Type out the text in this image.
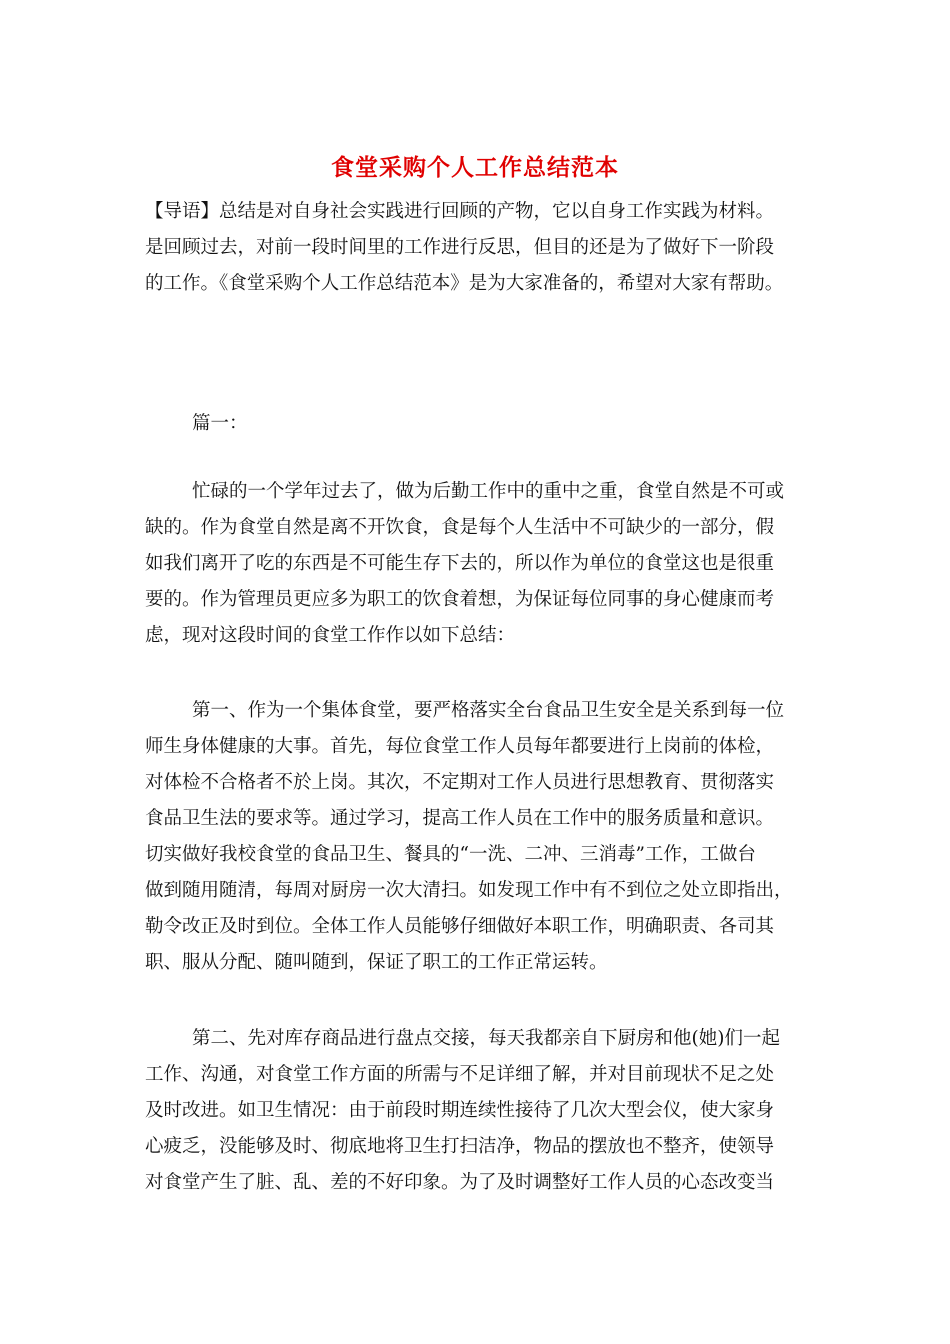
食堂采购个人工作总结范本
【导语】总结是对自身社会实践进行回顾的产物，它以自身工作实践为材料。
是回顾过去，对前一段时间里的工作进行反思，但目的还是为了做好下一阶段
的工作。《食堂采购个人工作总结范本》是为大家准备的，希望对大家有帮助。
篇一：
忙碌的一个学年过去了，做为后勤工作中的重中之重，食堂自然是不可或
缺的。作为食堂自然是离不开饮食，食是每个人生活中不可缺少的一部分，假
如我们离开了吃的东西是不可能生存下去的，所以作为单位的食堂这也是很重
要的。作为管理员更应多为职工的饮食着想，为保证每位同事的身心健康而考
虑，现对这段时间的食堂工作作以如下总结：
第一、作为一个集体食堂，要严格落实全台食品卫生安全是关系到每一位
师生身体健康的大事。首先，每位食堂工作人员每年都要进行上岗前的体检，
对体检不合格者不於上岗。其次，不定期对工作人员进行思想教育、贯彻落实
食品卫生法的要求等。通过学习，提高工作人员在工作中的服务质量和意识。
切实做好我校食堂的食品卫生、餐具的“一洗、二冲、三消毒”工作，工做台
做到随用随清，每周对厨房一次大清扫。如发现工作中有不到位之处立即指出，
勒令改正及时到位。全体工作人员能够仔细做好本职工作，明确职责、各司其
职、服从分配、随叫随到，保证了职工的工作正常运转。
第二、先对库存商品进行盘点交接，每天我都亲自下厨房和他(她)们一起
工作、沟通，对食堂工作方面的所需与不足详细了解，并对目前现状不足之处
及时改进。如卫生情况：由于前段时期连续性接待了几次大型会仪，使大家身
心疲乏，没能够及时、彻底地将卫生打扫洁净，物品的摆放也不整齐，使领导
对食堂产生了脏、乱、差的不好印象。为了及时调整好工作人员的心态改变当
